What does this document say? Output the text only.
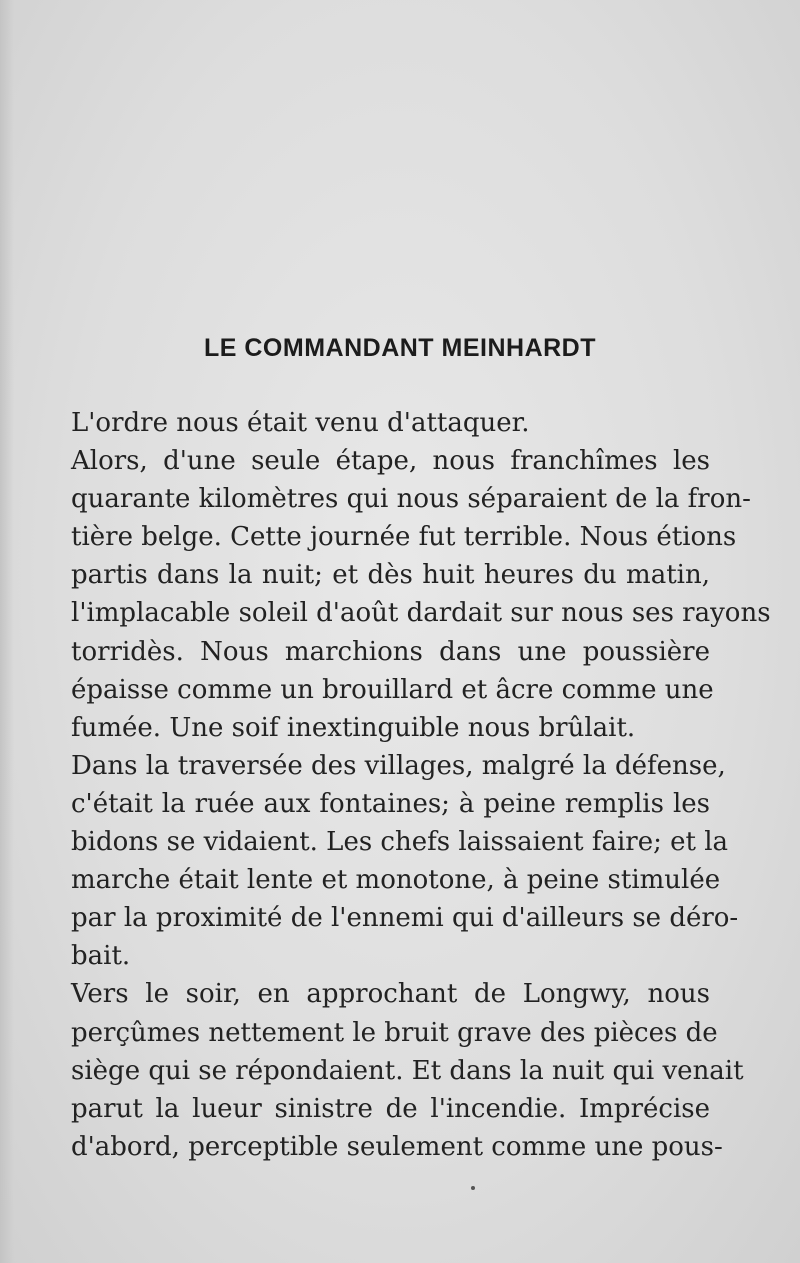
LE COMMANDANT MEINHARDT

L'ordre nous était venu d'attaquer.

Alors, d'une seule étape, nous franchîmes les
quarante kilomètres qui nous séparaient de la fron-
tière belge. Cette journée fut terrible. Nous étions
partis dans la nuit; et dès huit heures du matin,
l'implacable soleil d'août dardait sur nous ses rayons
torridès. Nous marchions dans une poussière
épaisse comme un brouillard et âcre comme une
fumée. Une soif inextinguible nous brûlait.

Dans la traversée des villages, malgré la défense,
c'était la ruée aux fontaines; à peine remplis les
bidons se vidaient. Les chefs laissaient faire; et la
marche était lente et monotone, à peine stimulée
par la proximité de l'ennemi qui d'ailleurs se déro-
bait.

Vers le soir, en approchant de Longwy, nous
perçûmes nettement le bruit grave des pièces de
siège qui se répondaient. Et dans la nuit qui venait
parut la lueur sinistre de l'incendie. Imprécise
d'abord, perceptible seulement comme une pous-
